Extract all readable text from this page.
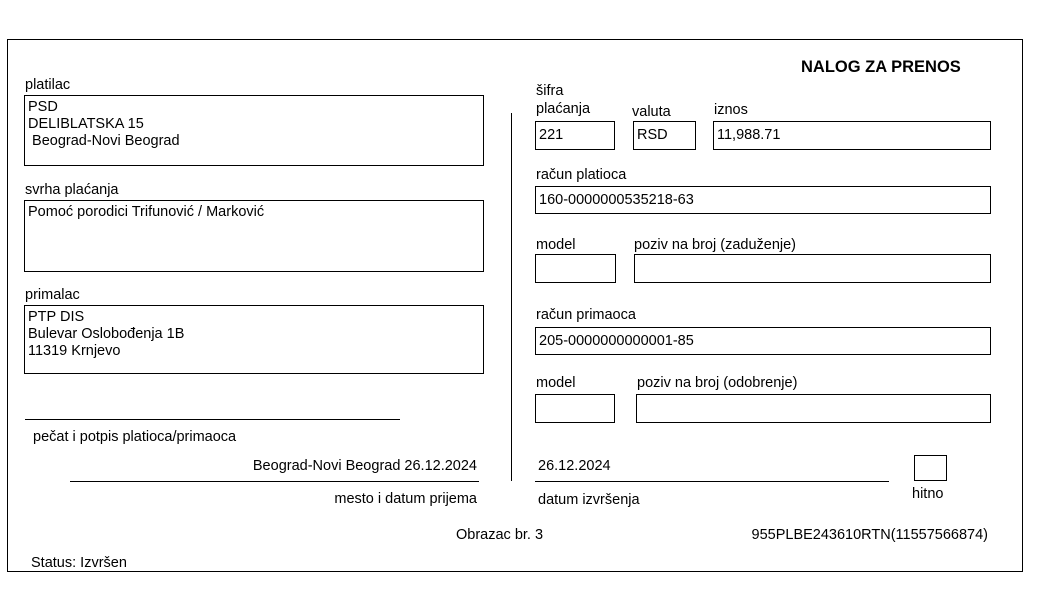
NALOG ZA PRENOS
platilac
PSD
DELIBLATSKA 15
Beograd-Novi Beograd
svrha plaćanja
Pomoć porodici Trifunović / Marković
primalac
PTP DIS
Bulevar Oslobođenja 1B
11319 Krnjevo
pečat i potpis platioca/primaoca
Beograd-Novi Beograd 26.12.2024
mesto i datum prijema
šifra
plaćanja	valuta	iznos
221	RSD	11,988.71
račun platioca
160-0000000535218-63
model	poziv na broj (zaduženje)
račun primaoca
205-0000000000001-85
model	poziv na broj (odobrenje)
26.12.2024
datum izvršenja	hitno
Obrazac br. 3	955PLBE243610RTN(11557566874)
Status: Izvršen
